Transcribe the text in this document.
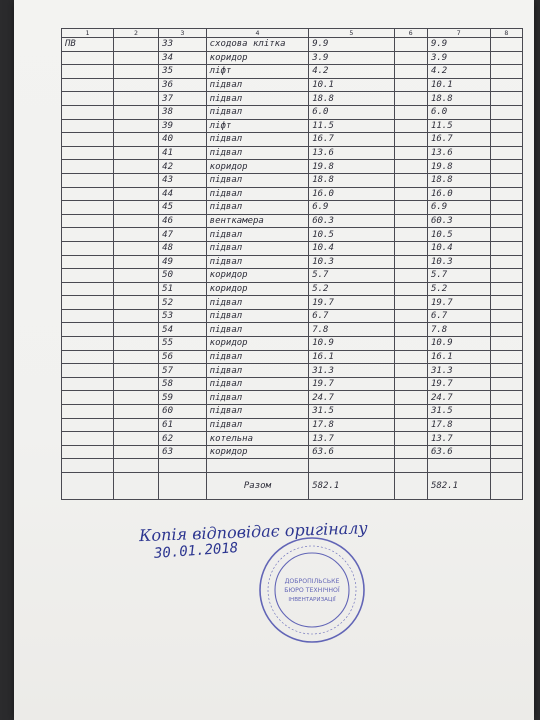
1	2	3	4	5	6	7	8
ПВ		33	сходова клітка	9.9		9.9	
		34	коридор	3.9		3.9	
		35	ліфт	4.2		4.2	
		36	підвал	10.1		10.1	
		37	підвал	18.8		18.8	
		38	підвал	6.0		6.0	
		39	ліфт	11.5		11.5	
		40	підвал	16.7		16.7	
		41	підвал	13.6		13.6	
		42	коридор	19.8		19.8	
		43	підвал	18.8		18.8	
		44	підвал	16.0		16.0	
		45	підвал	6.9		6.9	
		46	венткамера	60.3		60.3	
		47	підвал	10.5		10.5	
		48	підвал	10.4		10.4	
		49	підвал	10.3		10.3	
		50	коридор	5.7		5.7	
		51	коридор	5.2		5.2	
		52	підвал	19.7		19.7	
		53	підвал	6.7		6.7	
		54	підвал	7.8		7.8	
		55	коридор	10.9		10.9	
		56	підвал	16.1		16.1	
		57	підвал	31.3		31.3	
		58	підвал	19.7		19.7	
		59	підвал	24.7		24.7	
		60	підвал	31.5		31.5	
		61	підвал	17.8		17.8	
		62	котельна	13.7		13.7	
		63	коридор	63.6		63.6	

			Разом	582.1		582.1	
Копія відповідає оригіналу
30.01.2018
ДОБРОПІЛЬСЬКЕ
БЮРО ТЕХНІЧНОЇ
ІНВЕНТАРИЗАЦІЇ
